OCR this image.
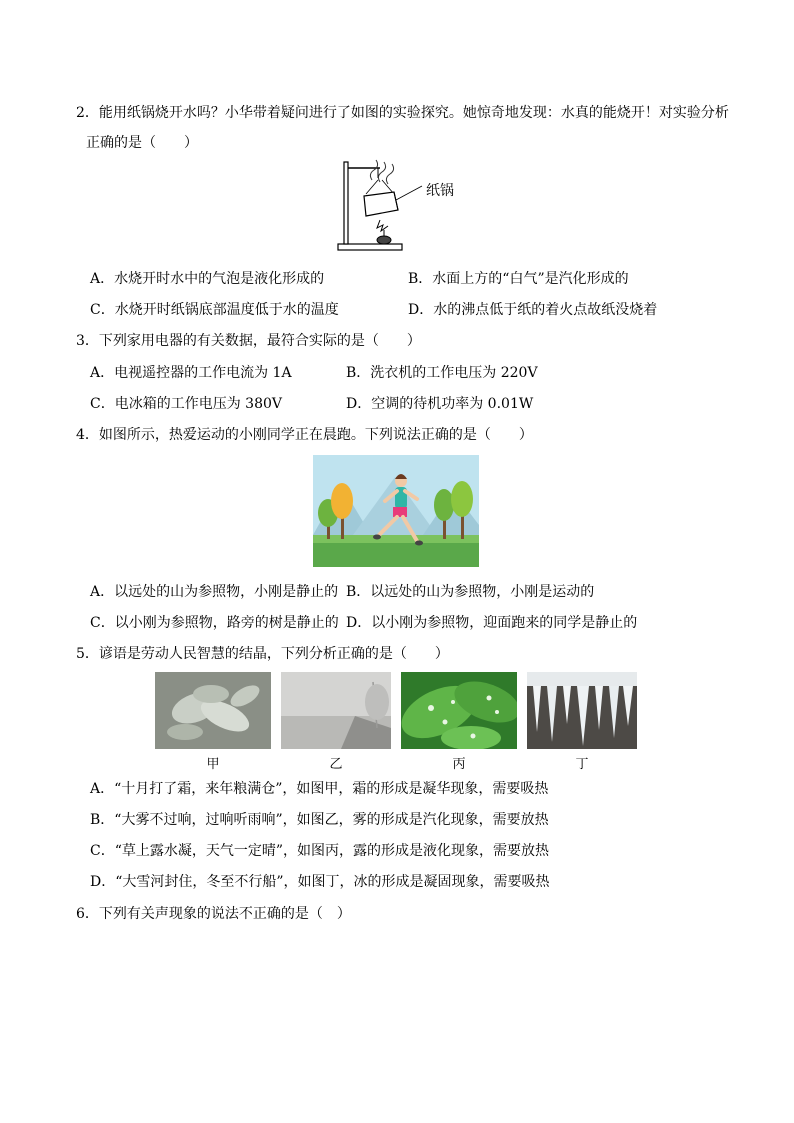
2．能用纸锅烧开水吗？小华带着疑问进行了如图的实验探究。她惊奇地发现：水真的能烧开！对实验分析
正确的是（　　）
纸锅
A．水烧开时水中的气泡是液化形成的	B．水面上方的“白气”是汽化形成的
C．水烧开时纸锅底部温度低于水的温度	D．水的沸点低于纸的着火点故纸没烧着
3．下列家用电器的有关数据，最符合实际的是（　　）
A．电视遥控器的工作电流为 1A	B．洗衣机的工作电压为 220V
C．电冰箱的工作电压为 380V	D．空调的待机功率为 0.01W
4．如图所示，热爱运动的小刚同学正在晨跑。下列说法正确的是（　　）
A．以远处的山为参照物，小刚是静止的 B．以远处的山为参照物，小刚是运动的
C．以小刚为参照物，路旁的树是静止的 D．以小刚为参照物，迎面跑来的同学是静止的
5．谚语是劳动人民智慧的结晶，下列分析正确的是（　　）
甲	乙	丙	丁
A．“十月打了霜，来年粮满仓”，如图甲，霜的形成是凝华现象，需要吸热
B．“大雾不过响，过响听雨响”，如图乙，雾的形成是汽化现象，需要放热
C．“草上露水凝，天气一定晴”，如图丙，露的形成是液化现象，需要放热
D．“大雪河封住，冬至不行船”，如图丁，冰的形成是凝固现象，需要吸热
6．下列有关声现象的说法不正确的是（　）
